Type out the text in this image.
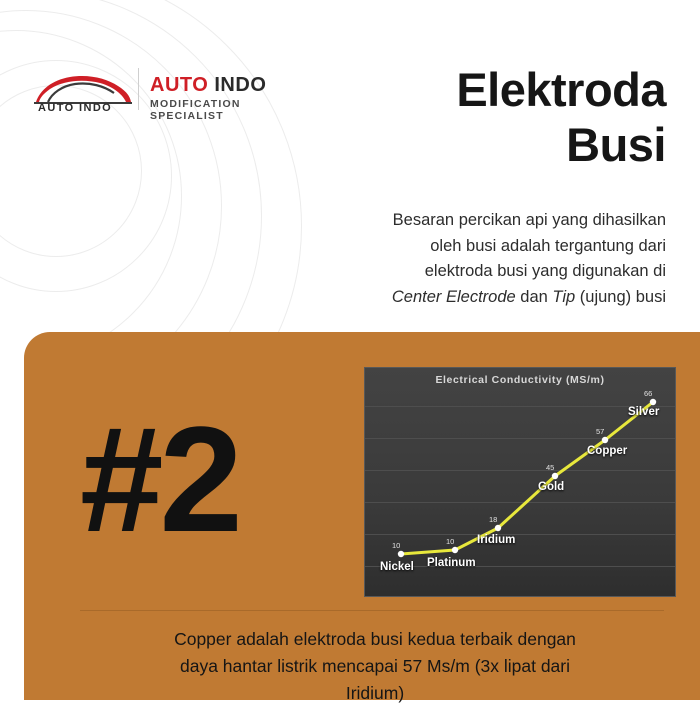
AUTO INDO
AUTO INDO
MODIFICATION SPECIALIST	Elektroda
Busi
Besaran percikan api yang dihasilkan
oleh busi adalah tergantung dari
elektroda busi yang digunakan di
Center Electrode dan Tip (ujung) busi
#2
Electrical Conductivity (MS/m)
10	10
18
45
57
66
Nickel Platinum
Iridium
Gold
Copper
Silver
Copper adalah elektroda busi kedua terbaik dengan
daya hantar listrik mencapai 57 Ms/m (3x lipat dari
Iridium)
